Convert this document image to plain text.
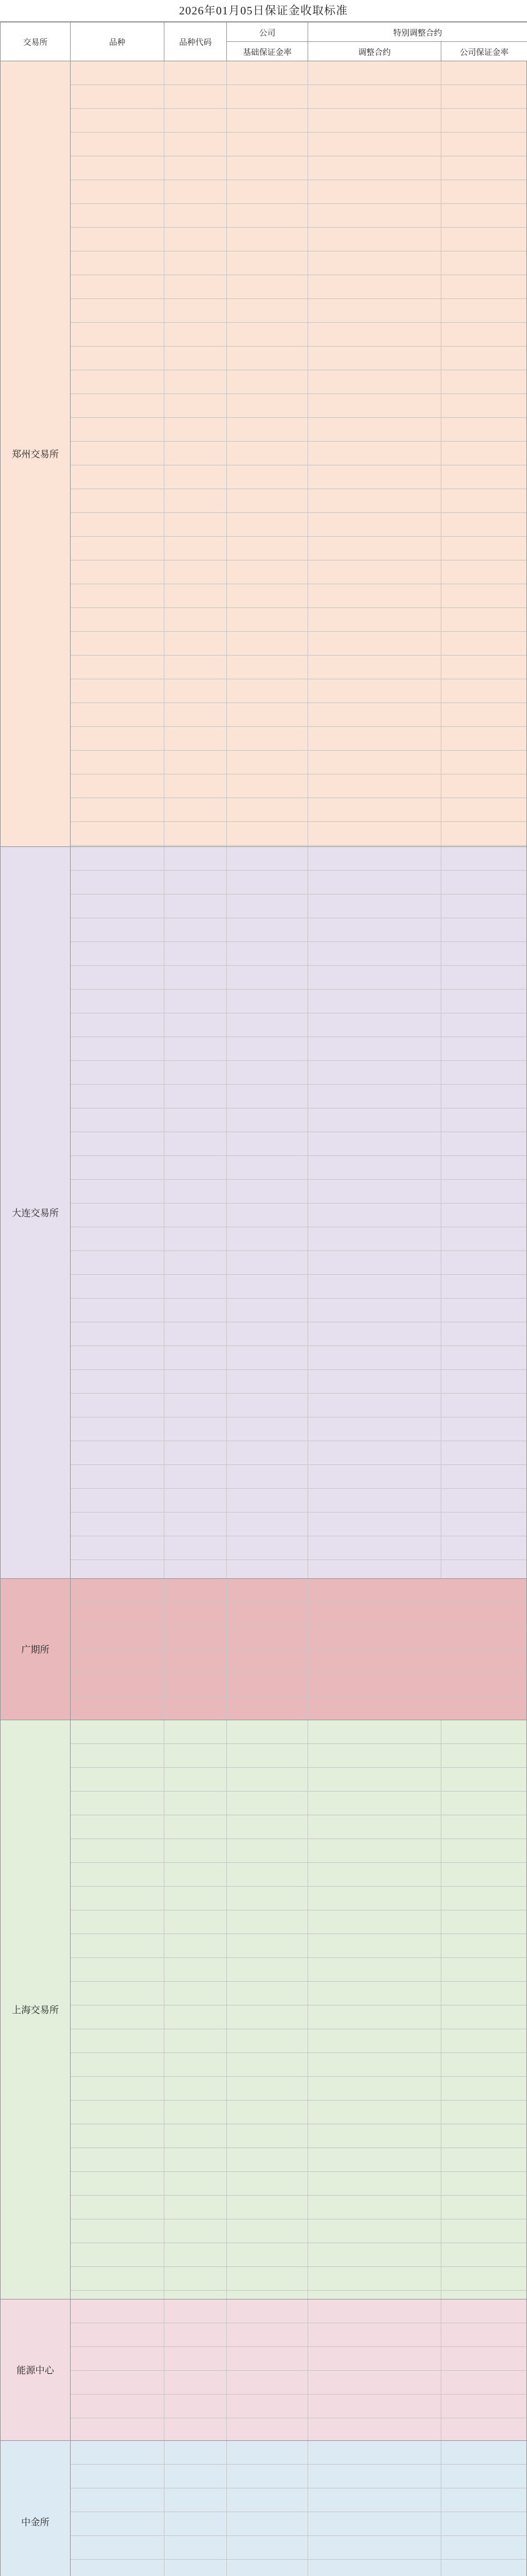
2026年01月05日保证金收取标准
交易所	品种	品种代码	公司	特别调整合约	
			基础保证金率	调整合约	公司保证金率
郑州交易所
大连交易所
广期所
上海交易所
能源中心
中金所
